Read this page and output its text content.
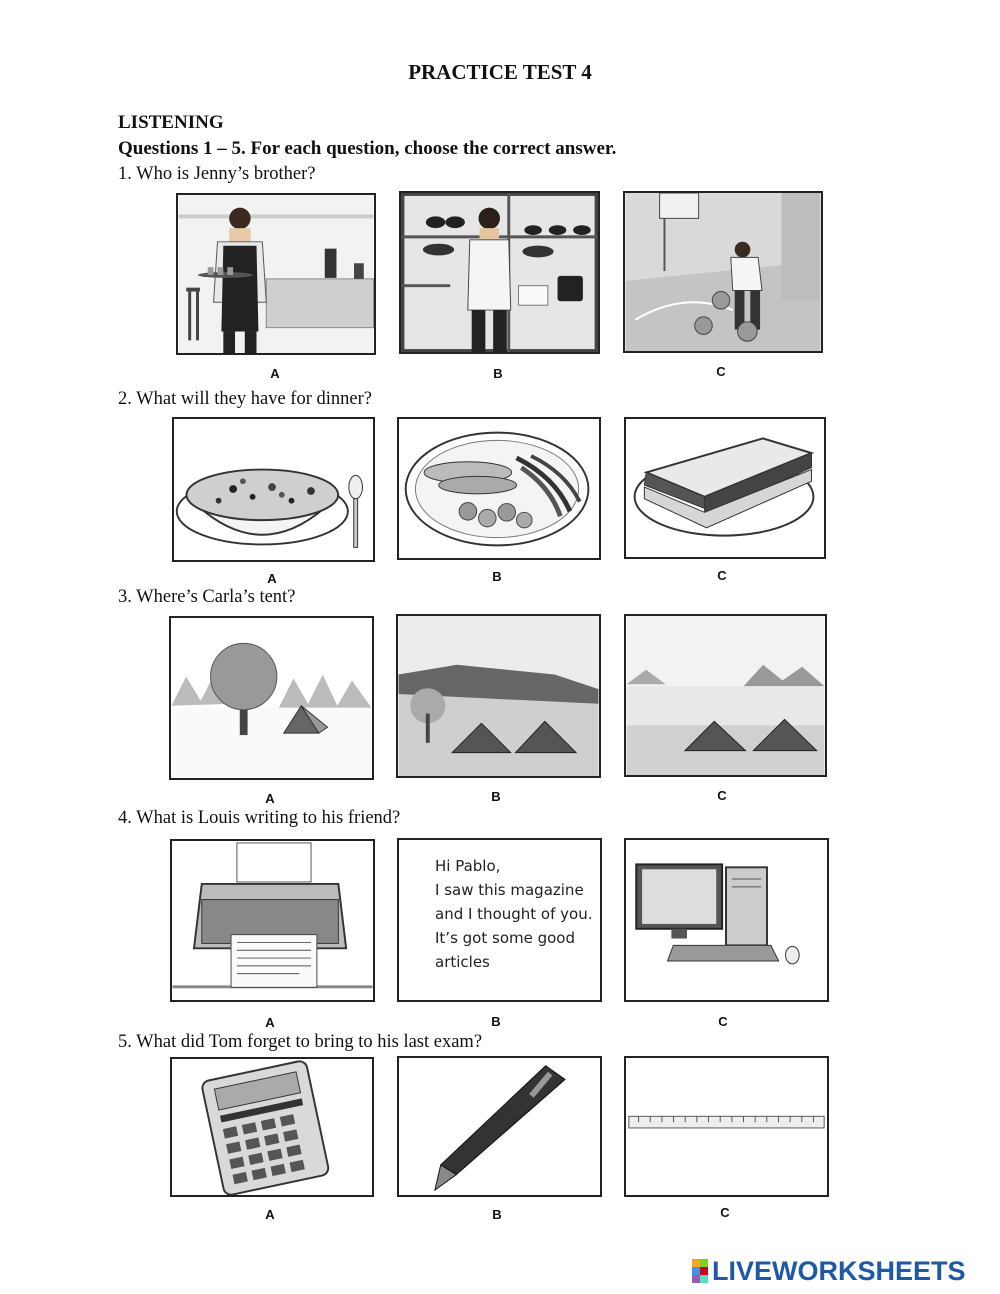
PRACTICE TEST 4
LISTENING
Questions 1 – 5. For each question, choose the correct answer.
1. Who is Jenny’s brother?
A	B	C
2. What will they have for dinner?
A	B	C
3. Where’s Carla’s tent?
A	B	C
4. What is Louis writing to his friend?
A
Hi Pablo,
I saw this magazine
and I thought of you.
It’s got some good
articles
B	C
5. What did Tom forget to bring to his last exam?
A	B	C
LIVEWORKSHEETS
